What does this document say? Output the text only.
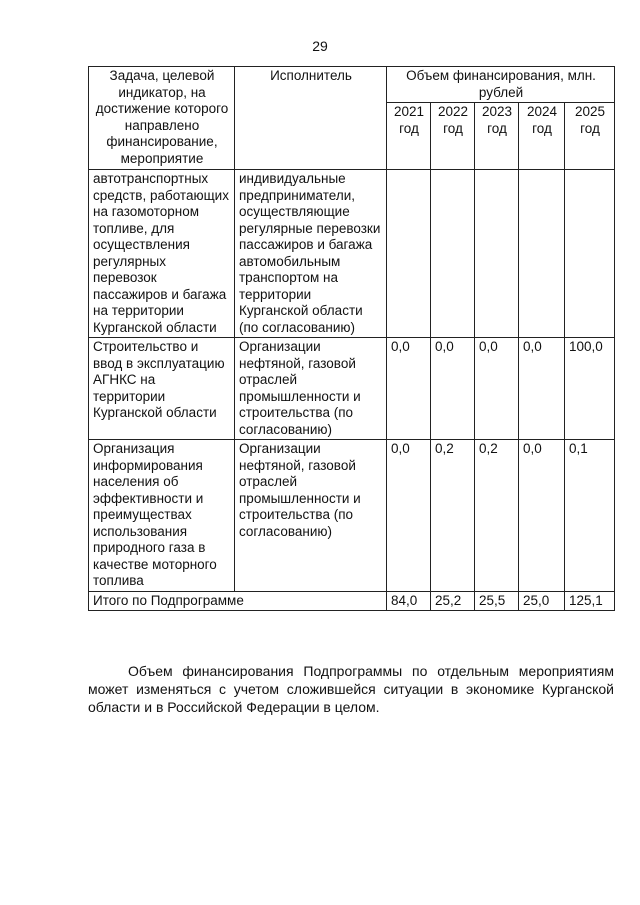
29
Задача, целевой индикатор, на достижение которого направлено финансирование, мероприятие	Исполнитель	Объем финансирования, млн. рублей				
		2021 год	2022 год	2023 год	2024 год	2025 год
автотранспортных средств, работающих на газомоторном топливе, для осуществления регулярных перевозок пассажиров и багажа на территории Курганской области	индивидуальные предприниматели, осуществляющие регулярные перевозки пассажиров и багажа автомобильным транспортом на территории Курганской области (по согласованию)					
Строительство и ввод в эксплуатацию АГНКС на территории Курганской области	Организации нефтяной, газовой отраслей промышленности и строительства (по согласованию)	0,0	0,0	0,0	0,0	100,0
Организация информирования населения об эффективности и преимуществах использования природного газа в качестве моторного топлива	Организации нефтяной, газовой отраслей промышленности и строительства (по согласованию)	0,0	0,2	0,2	0,0	0,1
Итого по Подпрограмме		84,0	25,2	25,5	25,0	125,1
Объем финансирования Подпрограммы по отдельным мероприятиям может изменяться с учетом сложившейся ситуации в экономике Курганской области и в Российской Федерации в целом.
